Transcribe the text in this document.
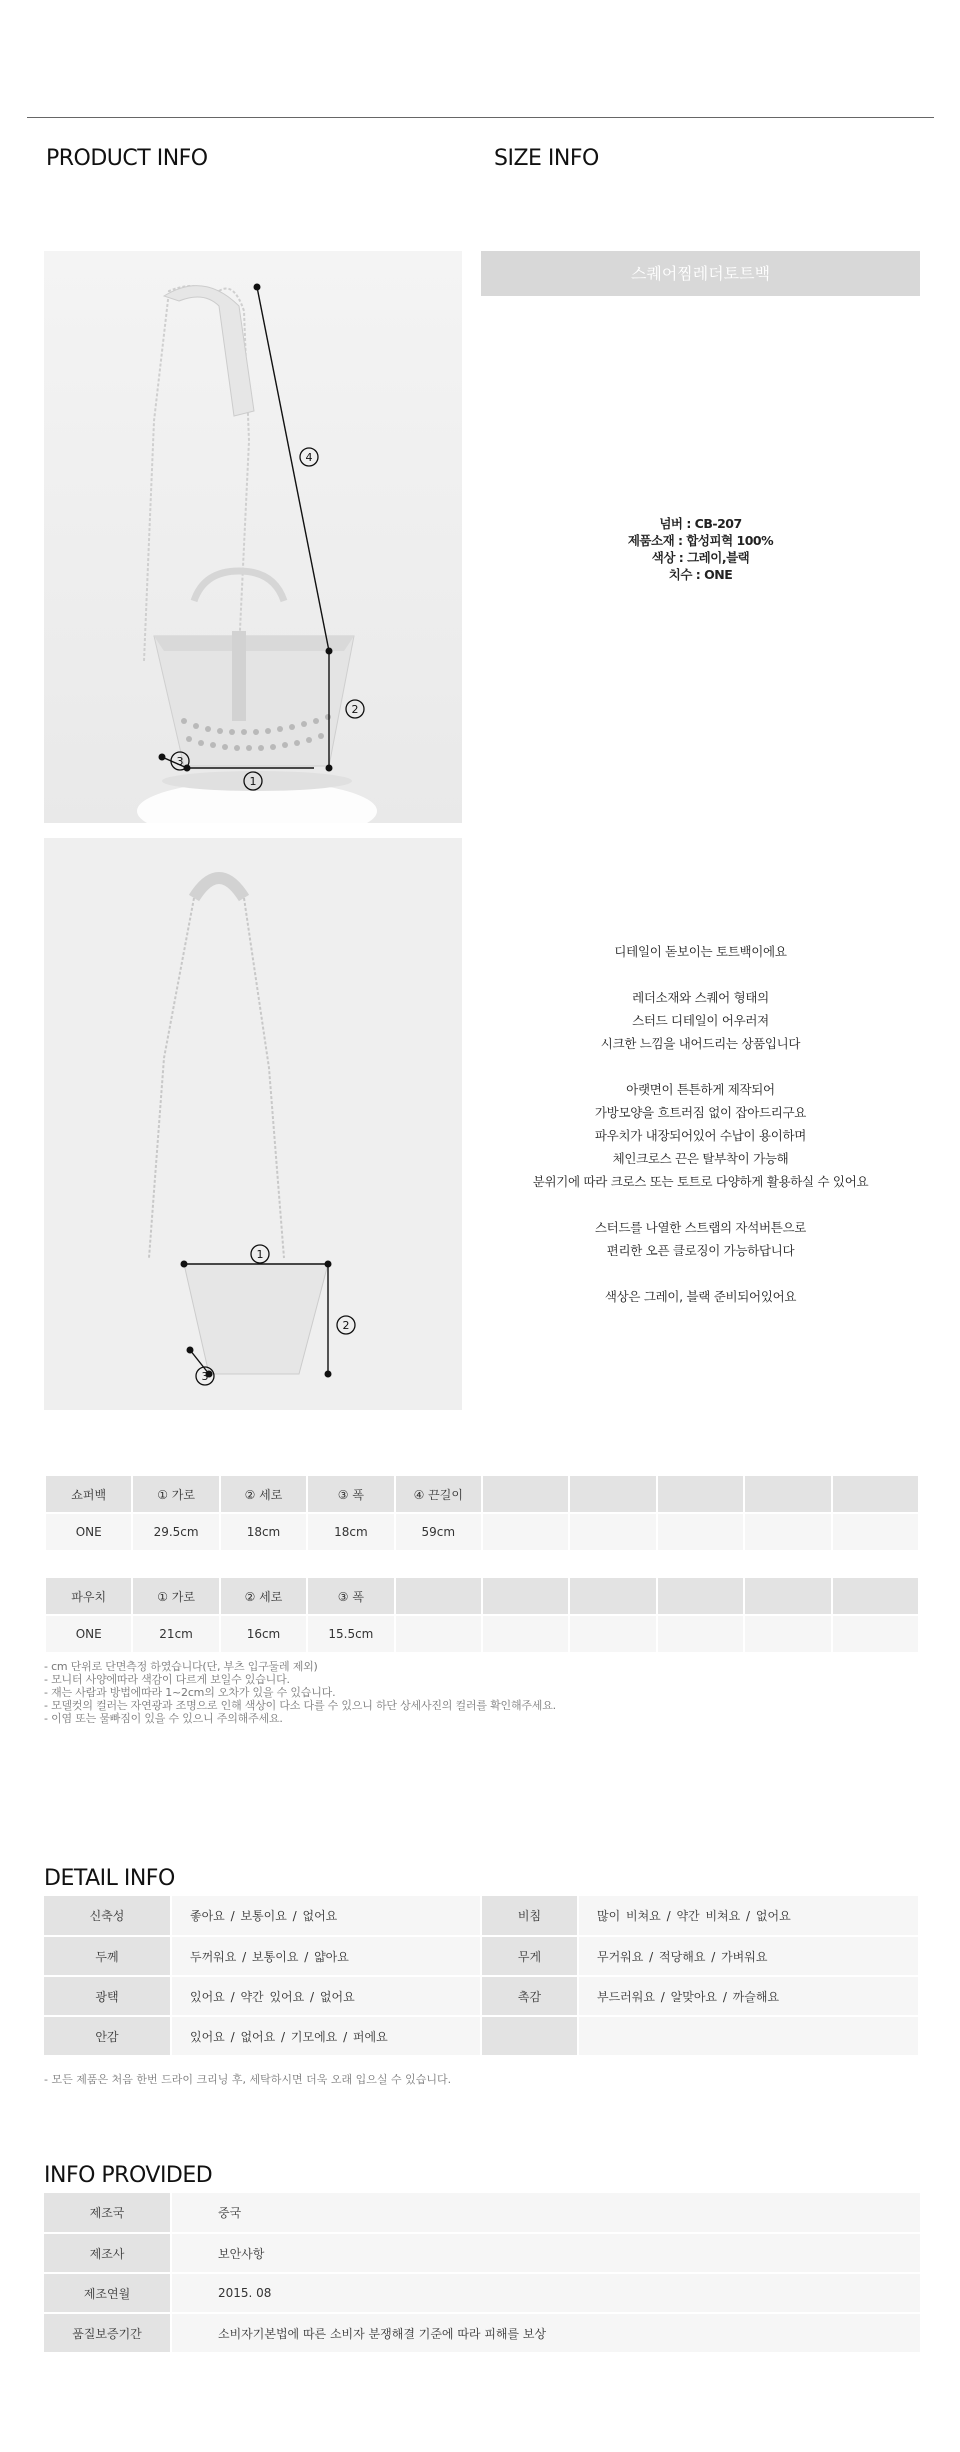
PRODUCT INFO	SIZE INFO
4
2
3
1
스퀘어찜레더토트백
넘버 : CB-207
제품소재 : 합성피혁 100%
색상 : 그레이,블랙
치수 : ONE
1
2
3

디테일이 돋보이는 토트백이에요

레더소재와 스퀘어 형태의
스터드 디테일이 어우러져
시크한 느낌을 내어드리는 상품입니다

아랫면이 튼튼하게 제작되어
가방모양을 흐트러짐 없이 잡아드리구요
파우치가 내장되어있어 수납이 용이하며
체인크로스 끈은 탈부착이 가능해
분위기에 따라 크로스 또는 토트로 다양하게 활용하실 수 있어요

스터드를 나열한 스트랩의 자석버튼으로
편리한 오픈 클로징이 가능하답니다

색상은 그레이, 블랙 준비되어있어요

쇼퍼백	① 가로	② 세로	③ 폭	④ 끈길이					
ONE	29.5cm	18cm	18cm	59cm					
파우치	① 가로	② 세로	③ 폭						
ONE	21cm	16cm	15.5cm						
- cm 단위로 단면측정 하였습니다(단, 부츠 입구둘레 제외)
- 모니터 사양에따라 색감이 다르게 보일수 있습니다.
- 재는 사람과 방법에따라 1~2cm의 오차가 있을 수 있습니다.
- 모델컷의 컬러는 자연광과 조명으로 인해 색상이 다소 다를 수 있으니 하단 상세사진의 컬러를 확인해주세요.
- 이염 또는 물빠짐이 있을 수 있으니 주의해주세요.
DETAIL INFO
신축성	좋아요 / 보통이요 / 없어요	비침	많이 비쳐요 / 약간 비쳐요 / 없어요
두께	두꺼워요 / 보통이요 / 얇아요	무게	무거워요 / 적당해요 / 가벼워요
광택	있어요 / 약간 있어요 / 없어요	촉감	부드러워요 / 알맞아요 / 까슬해요
안감	있어요 / 없어요 / 기모에요 / 퍼에요		
- 모든 제품은 처음 한번 드라이 크리닝 후, 세탁하시면 더욱 오래 입으실 수 있습니다.
INFO PROVIDED
제조국	중국
제조사	보안사항
제조연월	2015. 08
품질보증기간	소비자기본법에 따른 소비자 분쟁해결 기준에 따라 피해를 보상
